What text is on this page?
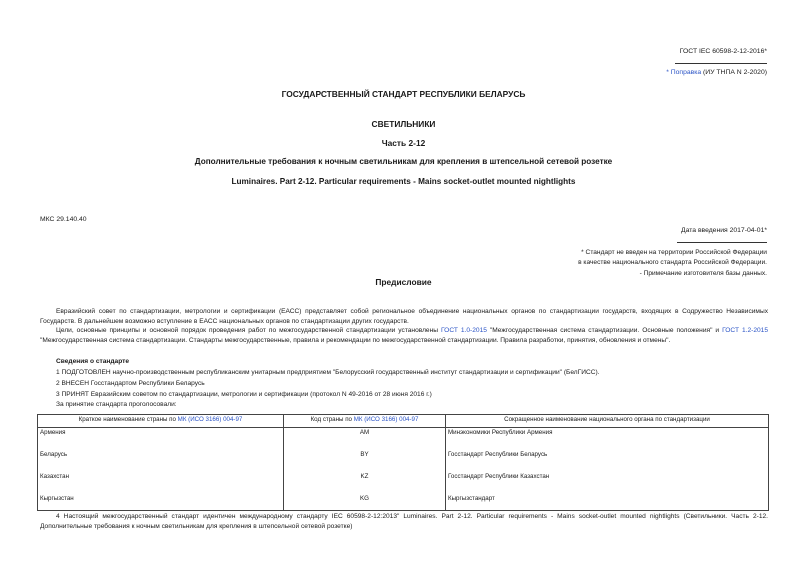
ГОСТ IEC 60598-2-12-2016*
* Поправка (ИУ ТНПА N 2-2020)
ГОСУДАРСТВЕННЫЙ СТАНДАРТ РЕСПУБЛИКИ БЕЛАРУСЬ
СВЕТИЛЬНИКИ
Часть 2-12
Дополнительные требования к ночным светильникам для крепления в штепсельной сетевой розетке
Luminaires. Part 2-12. Particular requirements - Mains socket-outlet mounted nightlights
МКС 29.140.40
Дата введения 2017-04-01*
* Стандарт не введен на территории Российской Федерации
в качестве национального стандарта Российской Федерации.
- Примечание изготовителя базы данных.
Предисловие
Евразийский совет по стандартизации, метрологии и сертификации (ЕАСС) представляет собой региональное объединение национальных органов по стандартизации государств, входящих в Содружество Независимых Государств. В дальнейшем возможно вступление в ЕАСС национальных органов по стандартизации других государств.
Цели, основные принципы и основной порядок проведения работ по межгосударственной стандартизации установлены ГОСТ 1.0-2015 "Межгосударственная система стандартизации. Основные положения" и ГОСТ 1.2-2015 "Межгосударственная система стандартизации. Стандарты межгосударственные, правила и рекомендации по межгосударственной стандартизации. Правила разработки, принятия, обновления и отмены".
Сведения о стандарте
1 ПОДГОТОВЛЕН научно-производственным республиканским унитарным предприятием "Белорусский государственный институт стандартизации и сертификации" (БелГИСС).
2 ВНЕСЕН Госстандартом Республики Беларусь
3 ПРИНЯТ Евразийским советом по стандартизации, метрологии и сертификации (протокол N 49-2016 от 28 июня 2016 г.)
За принятие стандарта проголосовали:
Краткое наименование страны по МК (ИСО 3166) 004-97	Код страны по МК (ИСО 3166) 004-97	Сокращенное наименование национального органа по стандартизации
Армения	AM	Минэкономики Республики Армения
Беларусь	BY	Госстандарт Республики Беларусь
Казахстан	KZ	Госстандарт Республики Казахстан
Кыргызстан	KG	Кыргызстандарт
4 Настоящий межгосударственный стандарт идентичен международному стандарту IEC 60598-2-12:2013" Luminaires. Part 2-12. Particular requirements - Mains socket-outlet mounted nightlights (Светильники. Часть 2-12. Дополнительные требования к ночным светильникам для крепления в штепсельной сетевой розетке)
